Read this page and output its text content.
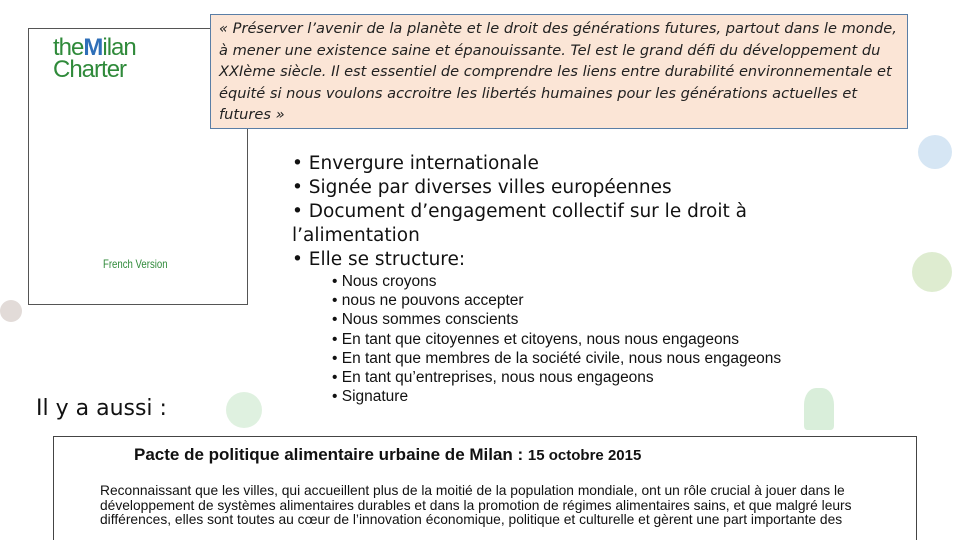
theMilan
Charter
French Version
« Préserver l’avenir de la planète et le droit des générations futures, partout dans le monde, à mener une existence saine et épanouissante. Tel est le grand défi du développement du XXIème siècle. Il est essentiel de comprendre les liens entre durabilité environnementale et équité si nous voulons accroitre les libertés humaines pour les générations actuelles et futures »
• Envergure internationale
• Signée par diverses villes européennes
• Document d’engagement collectif sur le droit à l’alimentation
• Elle se structure:
• Nous croyons
• nous ne pouvons accepter
• Nous sommes conscients
• En tant que citoyennes et citoyens, nous nous engageons
• En tant que membres de la société civile, nous nous engageons
• En tant qu’entreprises, nous nous engageons
• Signature
Il y a aussi :
Pacte de politique alimentaire urbaine de Milan : 15 octobre 2015
Reconnaissant que les villes, qui accueillent plus de la moitié de la population mondiale, ont un rôle crucial à jouer dans le développement de systèmes alimentaires durables et dans la promotion de régimes alimentaires sains, et que malgré leurs différences, elles sont toutes au cœur de l’innovation économique, politique et culturelle et gèrent une part importante des
